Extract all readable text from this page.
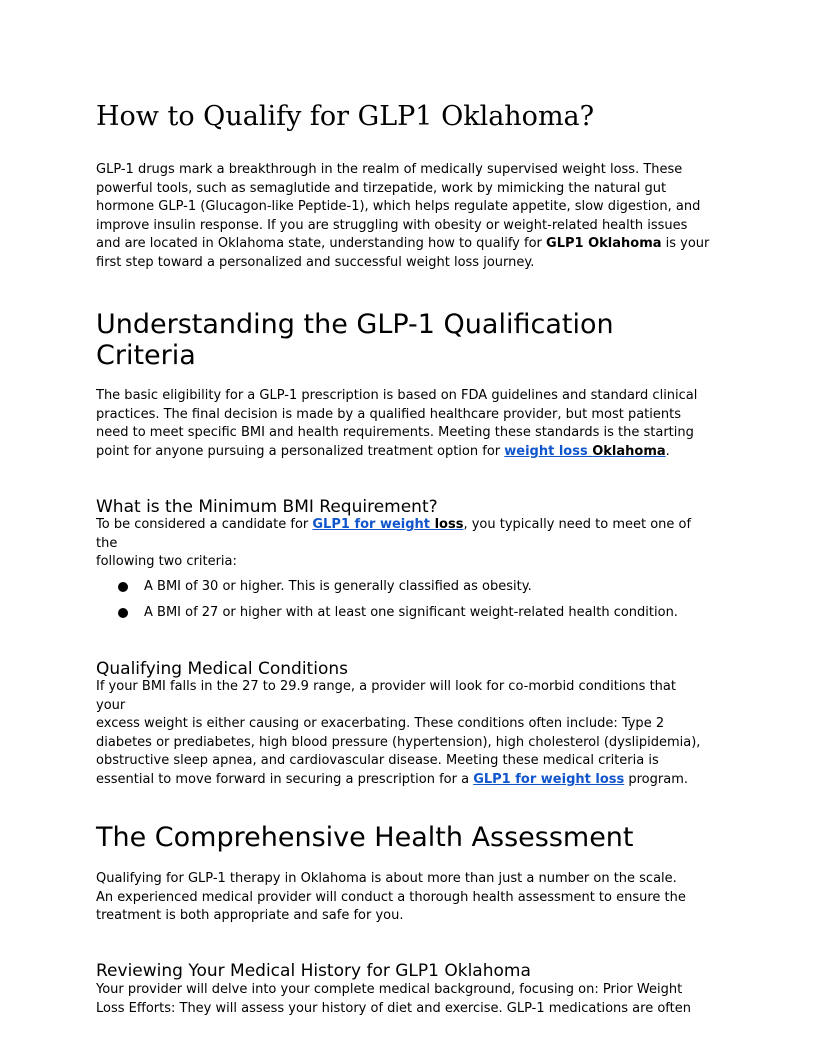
How to Qualify for GLP1 Oklahoma?
GLP-1 drugs mark a breakthrough in the realm of medically supervised weight loss. These
powerful tools, such as semaglutide and tirzepatide, work by mimicking the natural gut
hormone GLP-1 (Glucagon-like Peptide-1), which helps regulate appetite, slow digestion, and
improve insulin response. If you are struggling with obesity or weight-related health issues
and are located in Oklahoma state, understanding how to qualify for GLP1 Oklahoma is your
first step toward a personalized and successful weight loss journey.
Understanding the GLP-1 Qualification
Criteria
The basic eligibility for a GLP-1 prescription is based on FDA guidelines and standard clinical
practices. The final decision is made by a qualified healthcare provider, but most patients
need to meet specific BMI and health requirements. Meeting these standards is the starting
point for anyone pursuing a personalized treatment option for weight loss Oklahoma.
What is the Minimum BMI Requirement?
To be considered a candidate for GLP1 for weight loss, you typically need to meet one of
the
following two criteria:
A BMI of 30 or higher. This is generally classified as obesity.
A BMI of 27 or higher with at least one significant weight-related health condition.
Qualifying Medical Conditions
If your BMI falls in the 27 to 29.9 range, a provider will look for co-morbid conditions that
your
excess weight is either causing or exacerbating. These conditions often include: Type 2
diabetes or prediabetes, high blood pressure (hypertension), high cholesterol (dyslipidemia),
obstructive sleep apnea, and cardiovascular disease. Meeting these medical criteria is
essential to move forward in securing a prescription for a GLP1 for weight loss program.
The Comprehensive Health Assessment
Qualifying for GLP-1 therapy in Oklahoma is about more than just a number on the scale.
An experienced medical provider will conduct a thorough health assessment to ensure the
treatment is both appropriate and safe for you.
Reviewing Your Medical History for GLP1 Oklahoma
Your provider will delve into your complete medical background, focusing on: Prior Weight
Loss Efforts: They will assess your history of diet and exercise. GLP-1 medications are often
